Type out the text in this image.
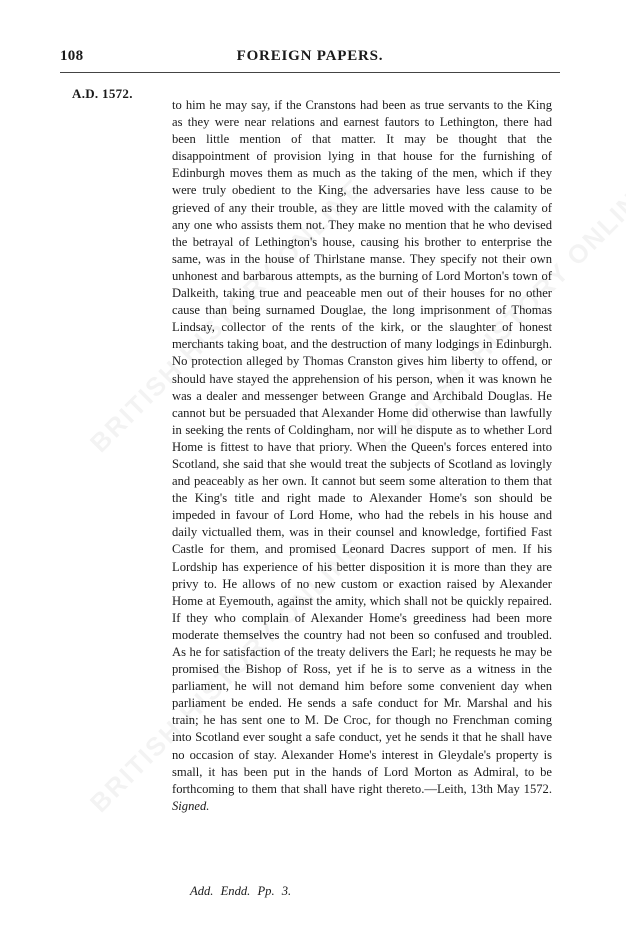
108	FOREIGN PAPERS.
A.D. 1572.

to him he may say, if the Cranstons had been as true servants to the King as they were near relations and earnest fautors to Lethington, there had been little mention of that matter. It may be thought that the disappointment of provision lying in that house for the furnishing of Edinburgh moves them as much as the taking of the men, which if they were truly obedient to the King, the adversaries have less cause to be grieved of any their trouble, as they are little moved with the calamity of any one who assists them not. They make no mention that he who devised the betrayal of Lethington's house, causing his brother to enterprise the same, was in the house of Thirlstane manse. They specify not their own unhonest and barbarous attempts, as the burning of Lord Morton's town of Dalkeith, taking true and peaceable men out of their houses for no other cause than being surnamed Douglae, the long imprisonment of Thomas Lindsay, collector of the rents of the kirk, or the slaughter of honest merchants taking boat, and the destruction of many lodgings in Edinburgh. No protection alleged by Thomas Cranston gives him liberty to offend, or should have stayed the apprehension of his person, when it was known he was a dealer and messenger between Grange and Archibald Douglas. He cannot but be persuaded that Alexander Home did otherwise than lawfully in seeking the rents of Coldingham, nor will he dispute as to whether Lord Home is fittest to have that priory. When the Queen's forces entered into Scotland, she said that she would treat the subjects of Scotland as lovingly and peaceably as her own. It cannot but seem some alteration to them that the King's title and right made to Alexander Home's son should be impeded in favour of Lord Home, who had the rebels in his house and daily victualled them, was in their counsel and knowledge, fortified Fast Castle for them, and promised Leonard Dacres support of men. If his Lordship has experience of his better disposition it is more than they are privy to. He allows of no new custom or exaction raised by Alexander Home at Eyemouth, against the amity, which shall not be quickly repaired. If they who complain of Alexander Home's greediness had been more moderate themselves the country had not been so confused and troubled. As he for satisfaction of the treaty delivers the Earl; he requests he may be promised the Bishop of Ross, yet if he is to serve as a witness in the parliament, he will not demand him before some convenient day when parliament be ended. He sends a safe conduct for Mr. Marshal and his train; he has sent one to M. De Croc, for though no Frenchman coming into Scotland ever sought a safe conduct, yet he sends it that he shall have no occasion of stay. Alexander Home's interest in Gleydale's property is small, it has been put in the hands of Lord Morton as Admiral, to be forthcoming to them that shall have right thereto.—Leith, 13th May 1572. Signed.

Add. Endd. Pp. 3.
